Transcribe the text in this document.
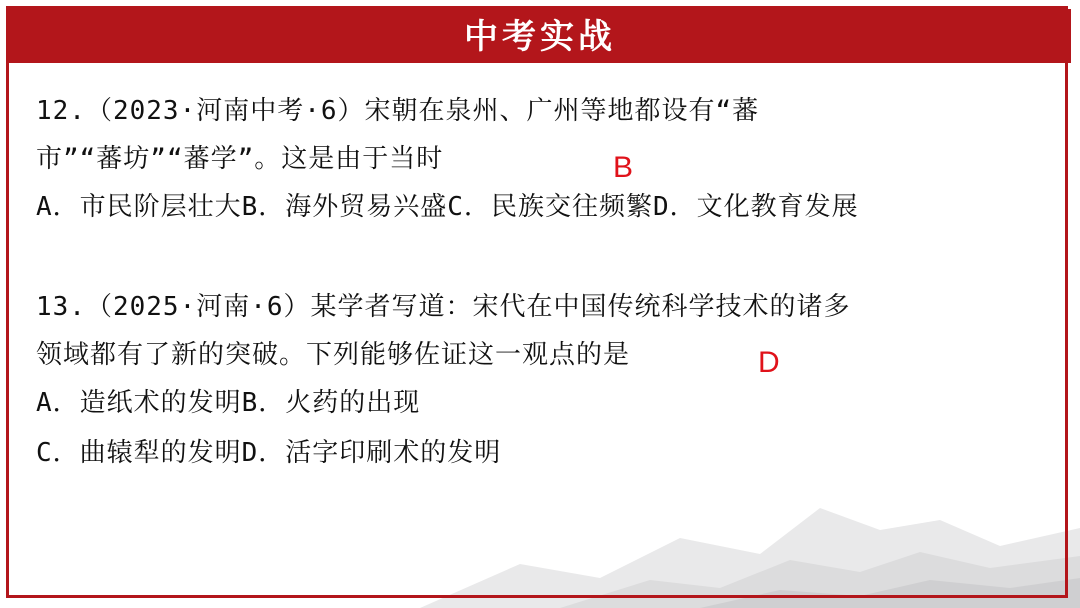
中考实战
12.（2023·河南中考·6）宋朝在泉州、广州等地都设有“蕃
市”“蕃坊”“蕃学”。这是由于当时	B
A．市民阶层壮大B．海外贸易兴盛C．民族交往频繁D．文化教育发展
13.（2025·河南·6）某学者写道：宋代在中国传统科学技术的诸多
领域都有了新的突破。下列能够佐证这一观点的是	D
A．造纸术的发明B．火药的出现
C．曲辕犁的发明D．活字印刷术的发明
